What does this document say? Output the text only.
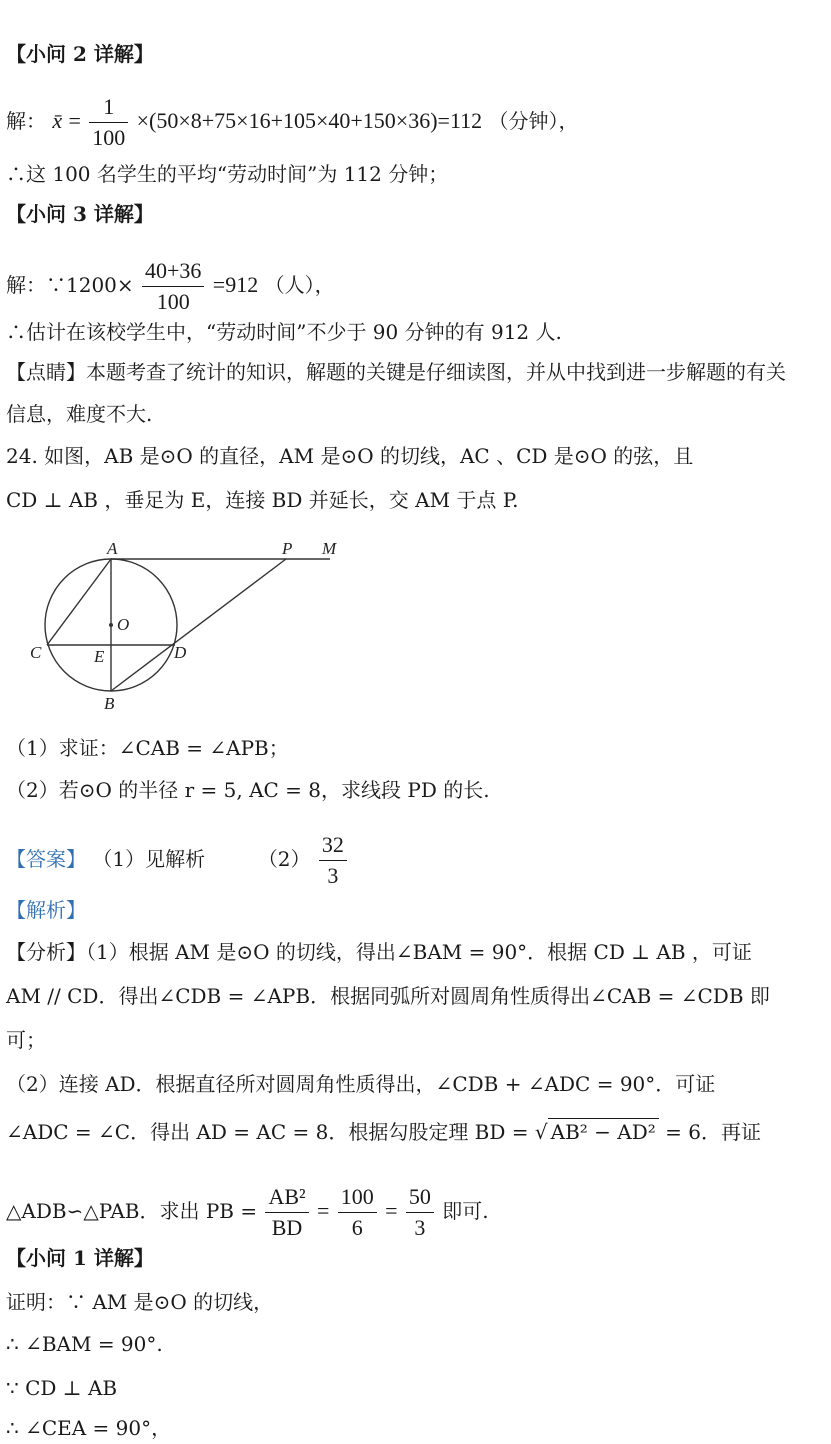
【小问 2 详解】
解： x̄ = $\frac{1}{100} \times(50\times 8+75\times 16+105\times 40+150\times 36)=112$ （分钟），
∴这 100 名学生的平均“劳动时间”为 112 分钟；
【小问 3 详解】
解：∵1200× $\frac{40+36}{100} =912$ （人），
∴估计在该校学生中，“劳动时间”不少于 90 分钟的有 912 人.
【点睛】本题考查了统计的知识，解题的关键是仔细读图，并从中找到进一步解题的有关
信息，难度不大.
24. 如图，AB 是⊙O 的直径，AM 是⊙O 的切线，AC 、CD 是⊙O 的弦，且
CD ⊥ AB ，垂足为 E，连接 BD 并延长，交 AM 于点 P.
A	P M
O
C	E	D
B
（1）求证：∠CAB = ∠APB；
（2）若⊙O 的半径 r = 5, AC = 8，求线段 PD 的长.
【答案】 （1）见解析	$(2) \frac{32}{3}$
【解析】
【分析】（1）根据 AM 是⊙O 的切线，得出∠BAM = 90°．根据 CD ⊥ AB ，可证
AM // CD．得出∠CDB = ∠APB．根据同弧所对圆周角性质得出∠CAB = ∠CDB 即
可；
（2）连接 AD．根据直径所对圆周角性质得出，∠CDB + ∠ADC = 90°．可证
∠ADC = ∠C．得出 AD = AC = 8．根据勾股定理 BD = √ AB² − AD² = 6．再证
△ADB∽△PAB．求出 PB = $\frac{\text{AB²}}{BD} = \frac{100}{6} = \frac{50}{3}$ 即可.
【小问 1 详解】
证明：∵ AM 是⊙O 的切线，
∴ ∠BAM = 90°.
∵ CD ⊥ AB
∴ ∠CEA = 90°，
